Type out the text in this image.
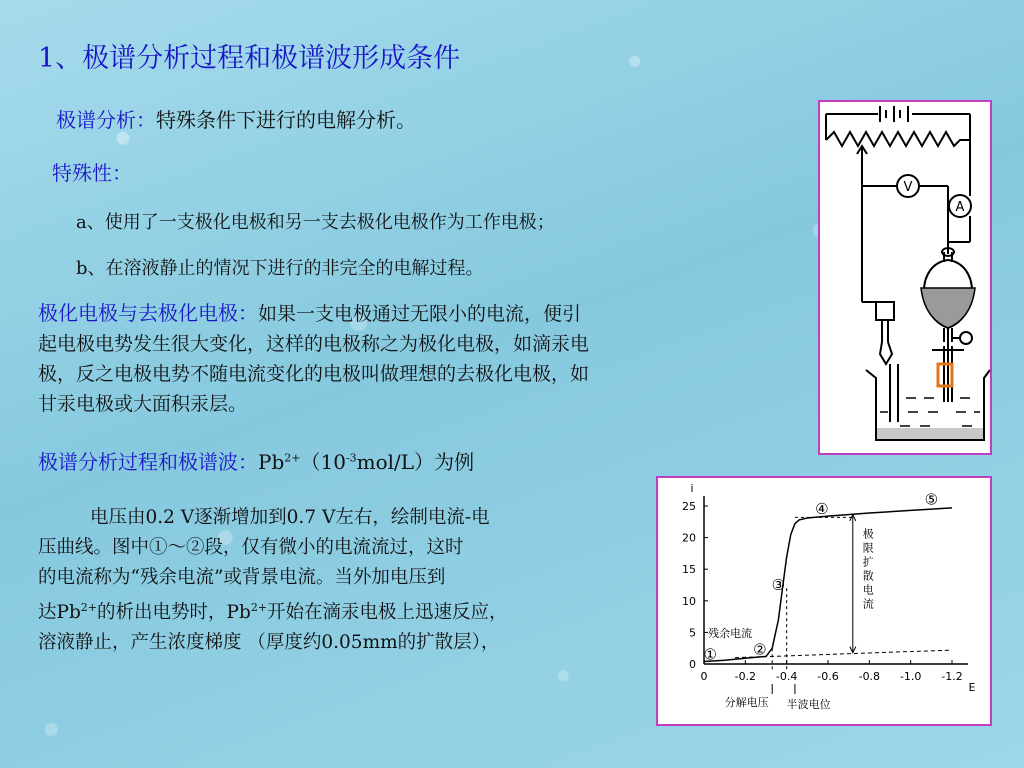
1、极谱分析过程和极谱波形成条件
极谱分析：特殊条件下进行的电解分析。
特殊性：
a、使用了一支极化电极和另一支去极化电极作为工作电极；
b、在溶液静止的情况下进行的非完全的电解过程。
极化电极与去极化电极：如果一支电极通过无限小的电流，便引
起电极电势发生很大变化，这样的电极称之为极化电极，如滴汞电
极，反之电极电势不随电流变化的电极叫做理想的去极化电极，如
甘汞电极或大面积汞层。
极谱分析过程和极谱波：$Pb^{2+}(10^{-3}mol/L)$为例
电压由0.2 V逐渐增加到0.7 V左右，绘制电流-电
压曲线。图中①～②段，仅有微小的电流流过，这时
的电流称为“残余电流”或背景电流。当外加电压到
达$Pb^{2+}$的析出电势时，$Pb^{2+}$开始在滴汞电极上迅速反应，
溶液静止，产生浓度梯度 （厚度约0.05mm的扩散层），
V
A
i
E
0
5
10
15
20
25
0 -0.2 -0.4 -0.6 -0.8 -1.0 -1.2
① ②
③
④
⑤
残余电流
极
限
扩
散
电
流
分解电压 半波电位
